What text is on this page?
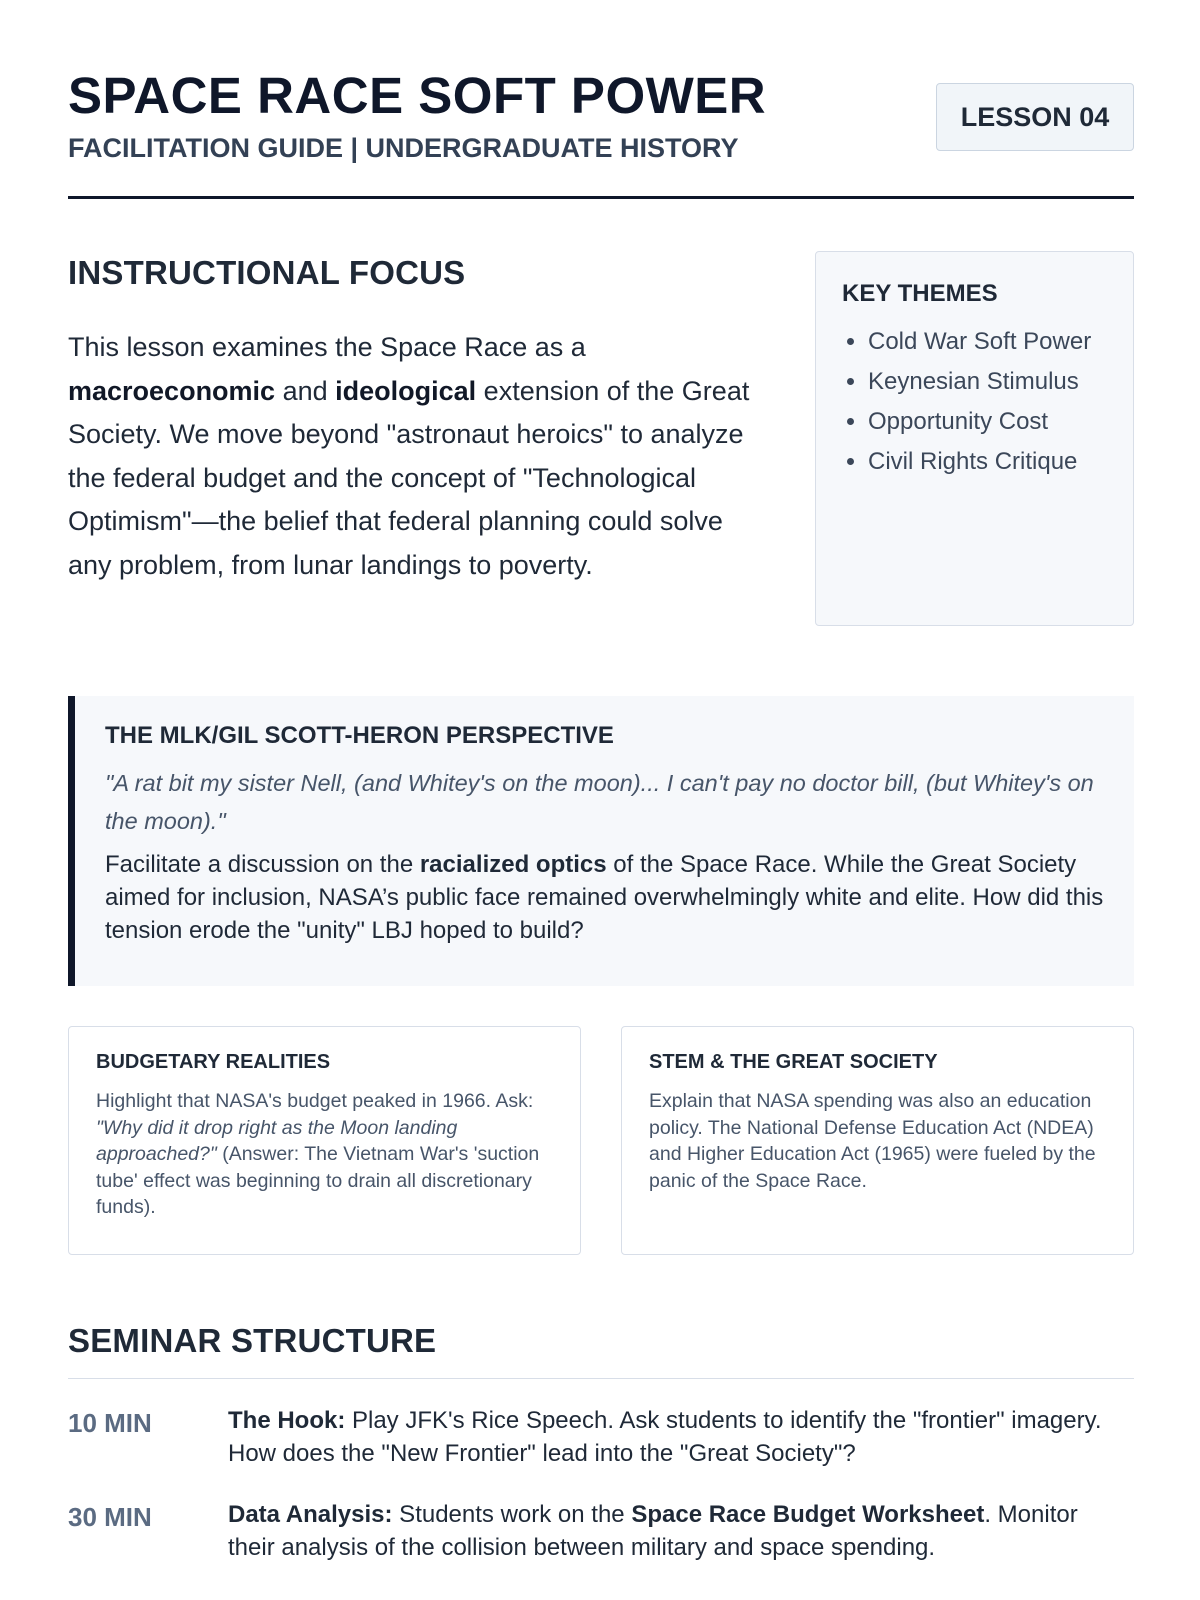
SPACE RACE SOFT POWER
FACILITATION GUIDE | UNDERGRADUATE HISTORY
LESSON 04
INSTRUCTIONAL FOCUS

This lesson examines the Space Race as a macroeconomic and ideological extension of the Great Society. We move beyond "astronaut heroics" to analyze the federal budget and the concept of "Technological Optimism"—the belief that federal planning could solve any problem, from lunar landings to poverty.

KEY THEMES
• Cold War Soft Power
• Keynesian Stimulus
• Opportunity Cost
• Civil Rights Critique
THE MLK/GIL SCOTT-HERON PERSPECTIVE

"A rat bit my sister Nell, (and Whitey's on the moon)... I can't pay no doctor bill, (but Whitey's on the moon)."

Facilitate a discussion on the racialized optics of the Space Race. While the Great Society aimed for inclusion, NASA’s public face remained overwhelmingly white and elite. How did this tension erode the "unity" LBJ hoped to build?

BUDGETARY REALITIES

Highlight that NASA's budget peaked in 1966. Ask: "Why did it drop right as the Moon landing approached?" (Answer: The Vietnam War's 'suction tube' effect was beginning to drain all discretionary funds).

STEM & THE GREAT SOCIETY

Explain that NASA spending was also an education policy. The National Defense Education Act (NDEA) and Higher Education Act (1965) were fueled by the panic of the Space Race.

SEMINAR STRUCTURE
10 MIN	The Hook: Play JFK's Rice Speech. Ask students to identify the "frontier" imagery. How does the "New Frontier" lead into the "Great Society"?

30 MIN	Data Analysis: Students work on the Space Race Budget Worksheet. Monitor their analysis of the collision between military and space spending.
